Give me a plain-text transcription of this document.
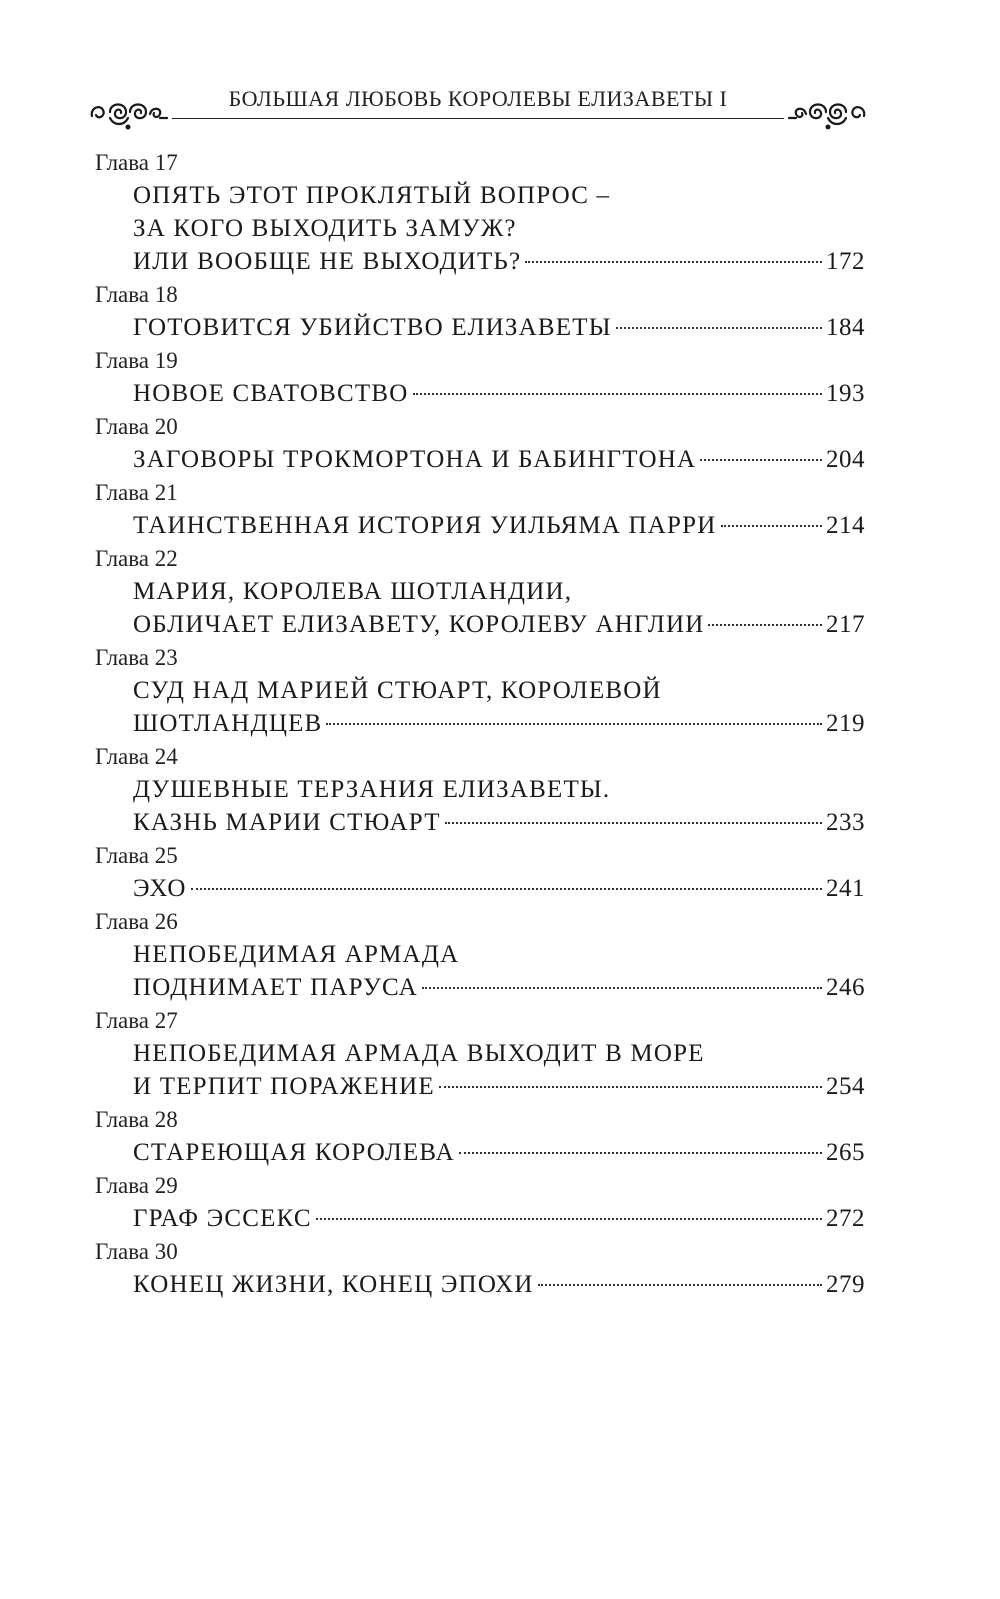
БОЛЬШАЯ ЛЮБОВЬ КОРОЛЕВЫ ЕЛИЗАВЕТЫ I
Глава 17
ОПЯТЬ ЭТОТ ПРОКЛЯТЫЙ ВОПРОС –
ЗА КОГО ВЫХОДИТЬ ЗАМУЖ?
ИЛИ ВООБЩЕ НЕ ВЫХОДИТЬ?	172
Глава 18
ГОТОВИТСЯ УБИЙСТВО ЕЛИЗАВЕТЫ	184
Глава 19
НОВОЕ СВАТОВСТВО	193
Глава 20
ЗАГОВОРЫ ТРОКМОРТОНА И БАБИНГТОНА	204
Глава 21
ТАИНСТВЕННАЯ ИСТОРИЯ УИЛЬЯМА ПАРРИ	214
Глава 22
МАРИЯ, КОРОЛЕВА ШОТЛАНДИИ,
ОБЛИЧАЕТ ЕЛИЗАВЕТУ, КОРОЛЕВУ АНГЛИИ	217
Глава 23
СУД НАД МАРИЕЙ СТЮАРТ, КОРОЛЕВОЙ
ШОТЛАНДЦЕВ	219
Глава 24
ДУШЕВНЫЕ ТЕРЗАНИЯ ЕЛИЗАВЕТЫ.
КАЗНЬ МАРИИ СТЮАРТ	233
Глава 25
ЭХО	241
Глава 26
НЕПОБЕДИМАЯ АРМАДА
ПОДНИМАЕТ ПАРУСА	246
Глава 27
НЕПОБЕДИМАЯ АРМАДА ВЫХОДИТ В МОРЕ
И ТЕРПИТ ПОРАЖЕНИЕ	254
Глава 28
СТАРЕЮЩАЯ КОРОЛЕВА	265
Глава 29
ГРАФ ЭССЕКС	272
Глава 30
КОНЕЦ ЖИЗНИ, КОНЕЦ ЭПОХИ	279
